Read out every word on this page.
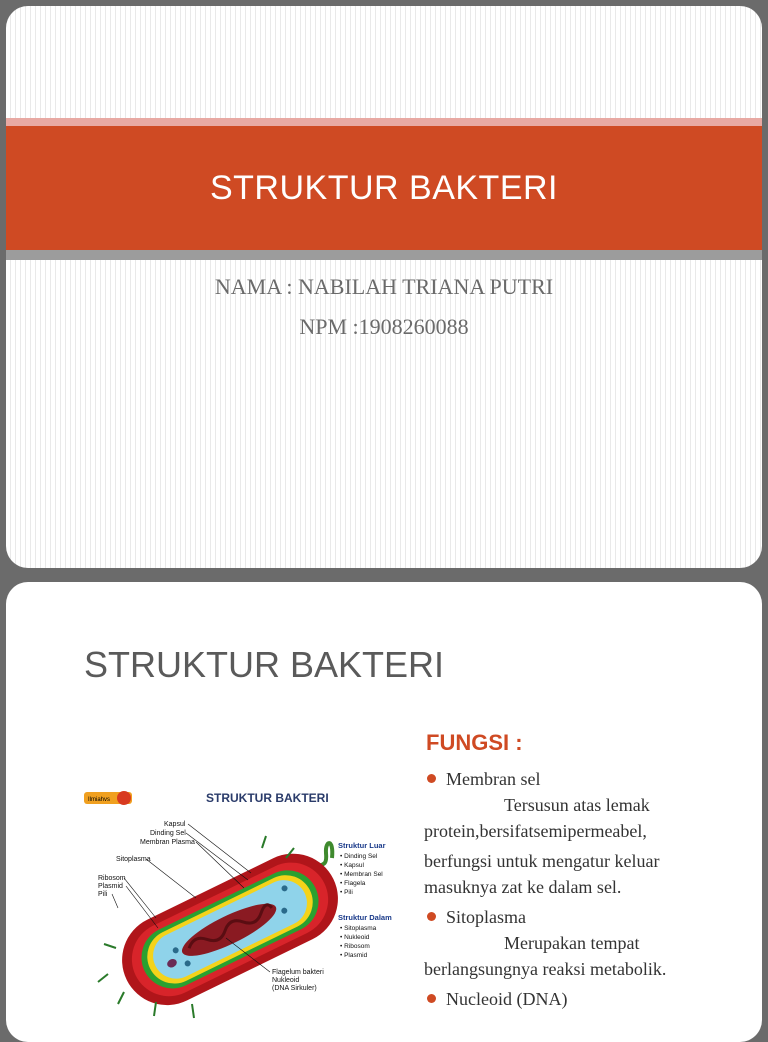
STRUKTUR BAKTERI
NAMA : NABILAH TRIANA PUTRI
NPM :1908260088
STRUKTUR BAKTERI
Ilmiahvs	STRUKTUR BAKTERI
Kapsul
Dinding Sel
Membran Plasma
Sitoplasma
Ribosom
Plasmid
Pili
Flagelum bakteri
Nukleoid
(DNA Sirkuler)
Struktur Luar
• Dinding Sel
• Kapsul
• Membran Sel
• Flagela
• Pili
Struktur Dalam
• Sitoplasma
• Nukleoid
• Ribosom
• Plasmid
FUNGSI :
Membran sel
Tersusun atas lemak
protein,bersifatsemipermeabel,
berfungsi untuk mengatur keluar
masuknya zat ke dalam sel.
Sitoplasma
Merupakan tempat
berlangsungnya reaksi metabolik.
Nucleoid (DNA)
